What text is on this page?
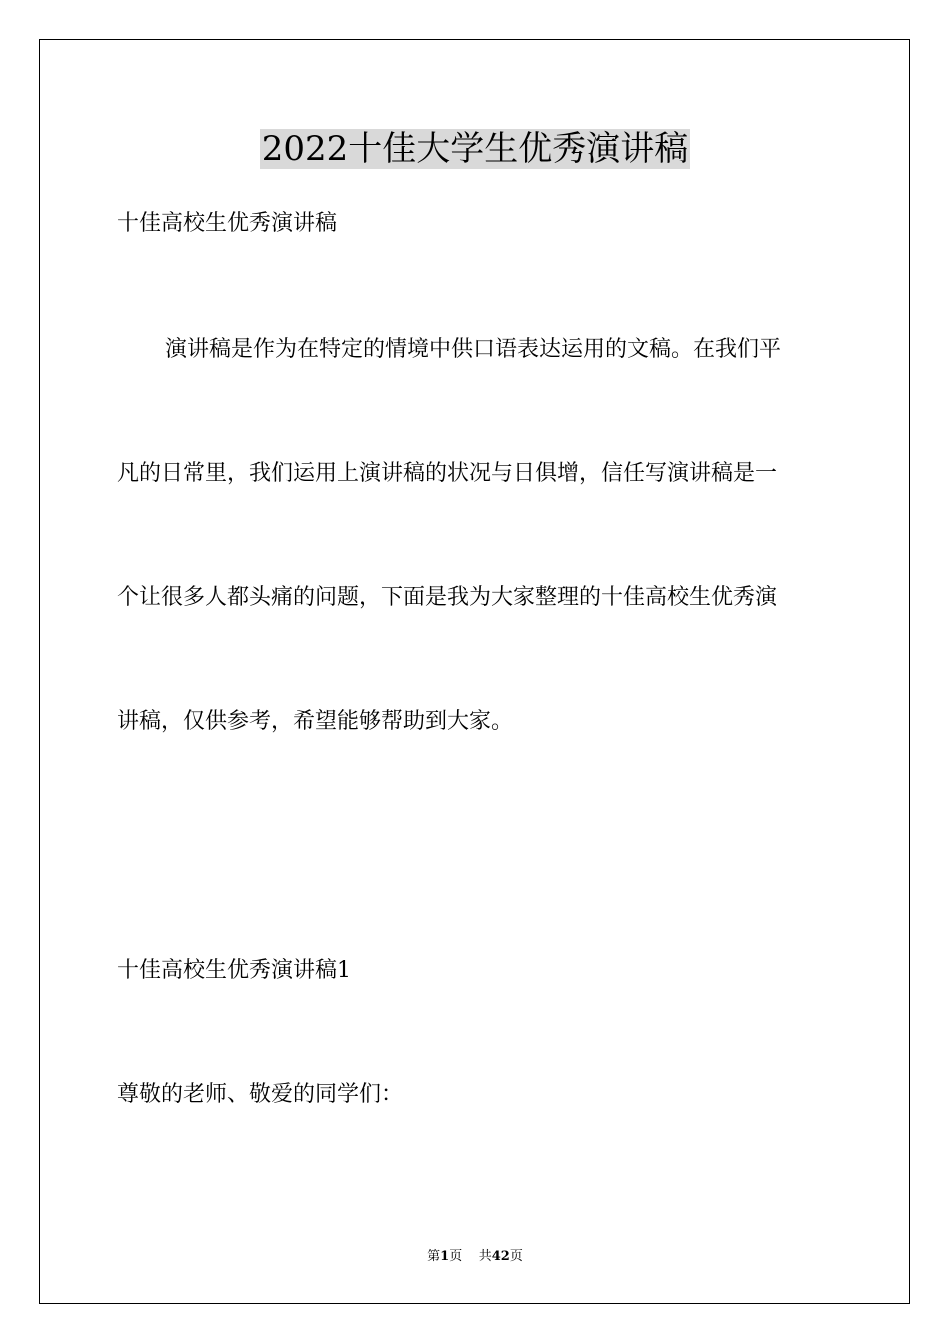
2022十佳大学生优秀演讲稿

十佳高校生优秀演讲稿

演讲稿是作为在特定的情境中供口语表达运用的文稿。在我们平

凡的日常里，我们运用上演讲稿的状况与日俱增，信任写演讲稿是一

个让很多人都头痛的问题，下面是我为大家整理的十佳高校生优秀演

讲稿，仅供参考，希望能够帮助到大家。

十佳高校生优秀演讲稿1

尊敬的老师、敬爱的同学们：

第1页 共42页
